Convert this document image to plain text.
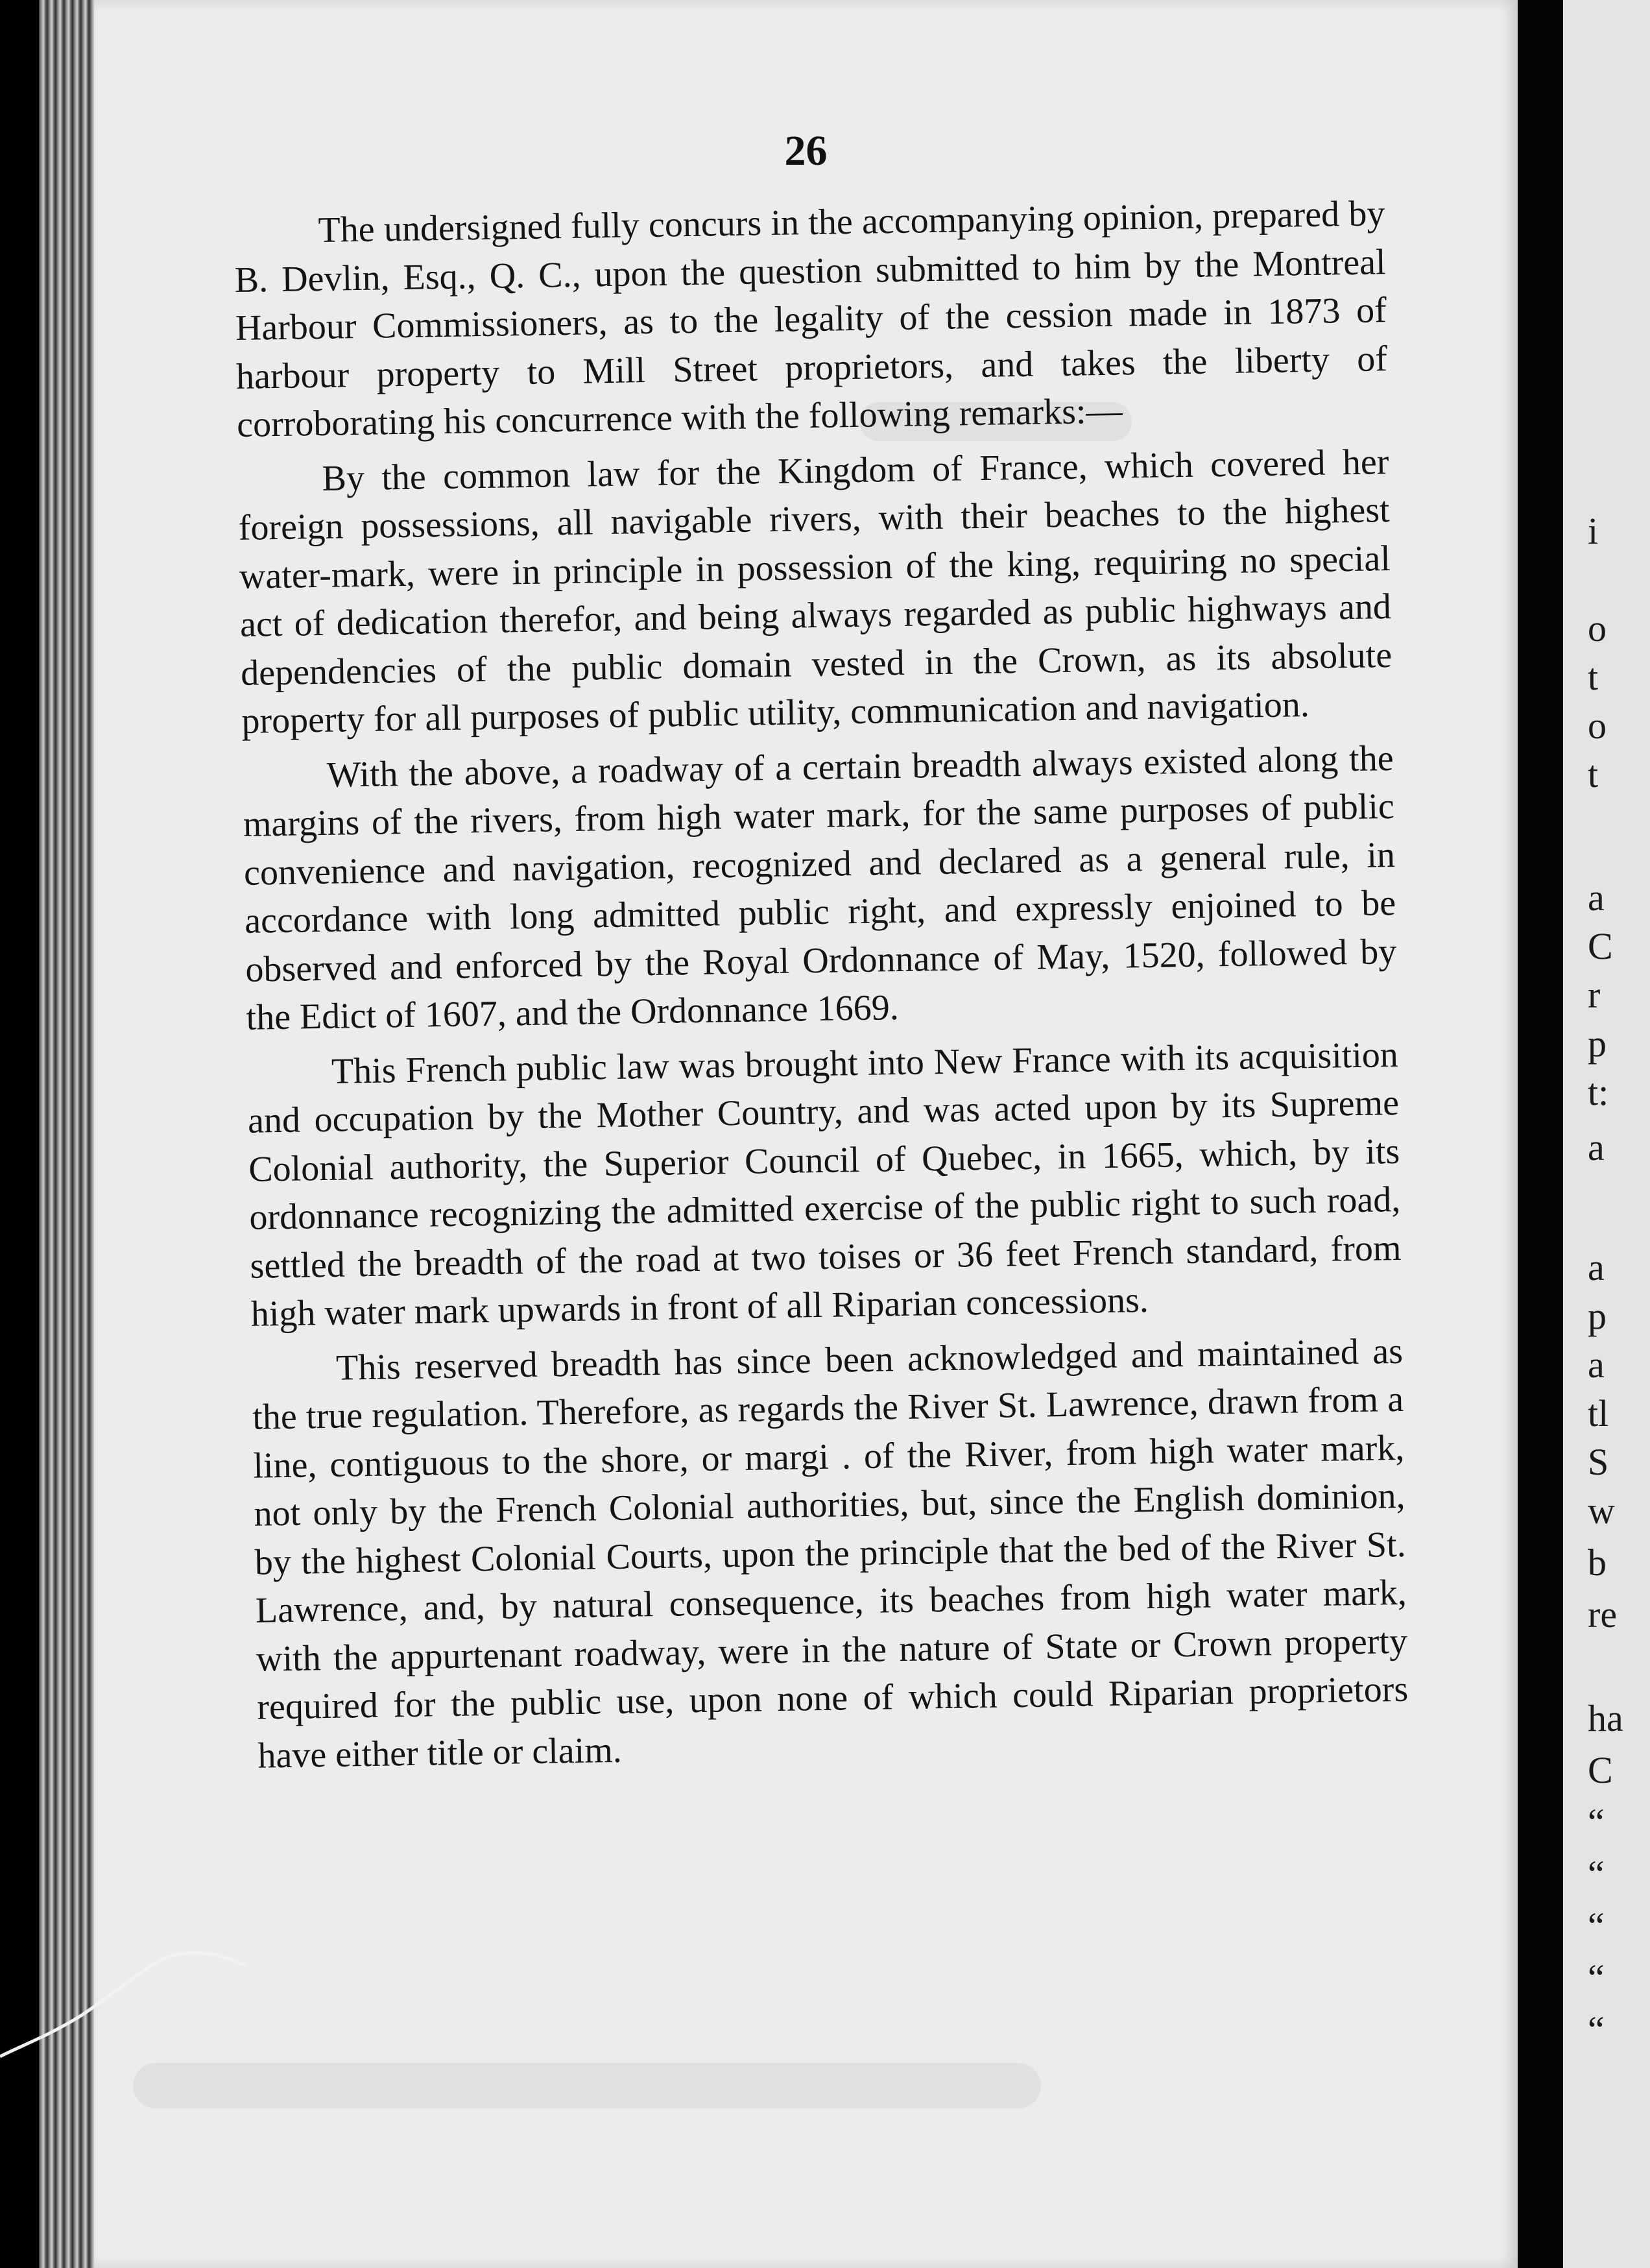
26

The undersigned fully concurs in the accompanying opinion, prepared by B. Devlin, Esq., Q. C., upon the question submitted to him by the Montreal Harbour Commissioners, as to the legality of the cession made in 1873 of harbour property to Mill Street proprietors, and takes the liberty of corroborating his concurrence with the following remarks:—

By the common law for the Kingdom of France, which covered her foreign possessions, all navigable rivers, with their beaches to the highest water-mark, were in principle in possession of the king, requiring no special act of dedication therefor, and being always regarded as public highways and dependencies of the public domain vested in the Crown, as its absolute property for all purposes of public utility, communication and navigation.

With the above, a roadway of a certain breadth always existed along the margins of the rivers, from high water mark, for the same purposes of public convenience and navigation, recognized and declared as a general rule, in accordance with long admitted public right, and expressly enjoined to be observed and enforced by the Royal Ordonnance of May, 1520, followed by the Edict of 1607, and the Ordonnance 1669.

This French public law was brought into New France with its acquisition and occupation by the Mother Country, and was acted upon by its Supreme Colonial authority, the Superior Council of Quebec, in 1665, which, by its ordonnance recognizing the admitted exercise of the public right to such road, settled the breadth of the road at two toises or 36 feet French standard, from high water mark upwards in front of all Riparian concessions.

This reserved breadth has since been acknowledged and maintained as the true regulation. Therefore, as regards the River St. Lawrence, drawn from a line, contiguous to the shore, or margi . of the River, from high water mark, not only by the French Colonial authorities, but, since the English dominion, by the highest Colonial Courts, upon the principle that the bed of the River St. Lawrence, and, by natural consequence, its beaches from high water mark, with the appurtenant roadway, were in the nature of State or Crown property required for the public use, upon none of which could Riparian proprietors have either title or claim.

i
o
t
o
t
a
C
r
p
t:
a
a
p
a
tl
S
w
b
re
ha
C
“
“
“
“
“
